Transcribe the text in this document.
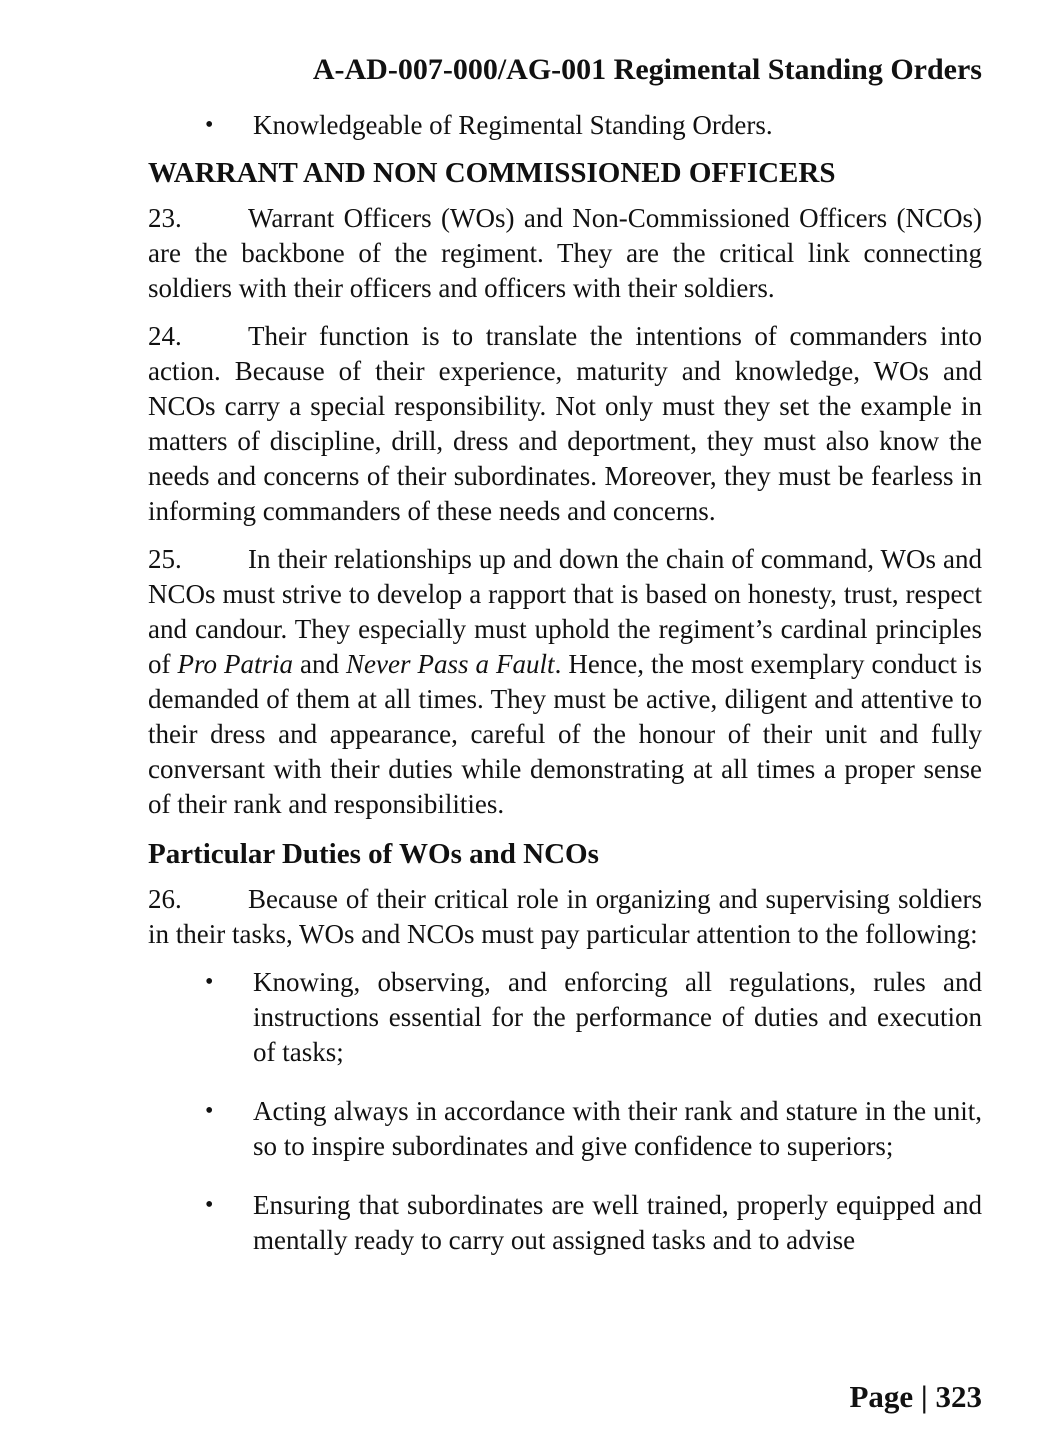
A-AD-007-000/AG-001 Regimental Standing Orders
•	Knowledgeable of Regimental Standing Orders.
WARRANT AND NON COMMISSIONED OFFICERS

23. Warrant Officers (WOs) and Non-Commissioned Officers (NCOs) are the backbone of the regiment. They are the critical link connecting soldiers with their officers and officers with their soldiers.

24. Their function is to translate the intentions of commanders into action. Because of their experience, maturity and knowledge, WOs and NCOs carry a special responsibility. Not only must they set the example in matters of discipline, drill, dress and deportment, they must also know the needs and concerns of their subordinates. Moreover, they must be fearless in informing commanders of these needs and concerns.

25. In their relationships up and down the chain of command, WOs and NCOs must strive to develop a rapport that is based on honesty, trust, respect and candour. They especially must uphold the regiment’s cardinal principles of Pro Patria and Never Pass a Fault. Hence, the most exemplary conduct is demanded of them at all times. They must be active, diligent and attentive to their dress and appearance, careful of the honour of their unit and fully conversant with their duties while demonstrating at all times a proper sense of their rank and responsibilities.

Particular Duties of WOs and NCOs

26. Because of their critical role in organizing and supervising soldiers in their tasks, WOs and NCOs must pay particular attention to the following:

•	Knowing, observing, and enforcing all regulations, rules and instructions essential for the performance of duties and execution of tasks;
•	Acting always in accordance with their rank and stature in the unit, so to inspire subordinates and give confidence to superiors;
•	Ensuring that subordinates are well trained, properly equipped and mentally ready to carry out assigned tasks and to advise
Page | 323
